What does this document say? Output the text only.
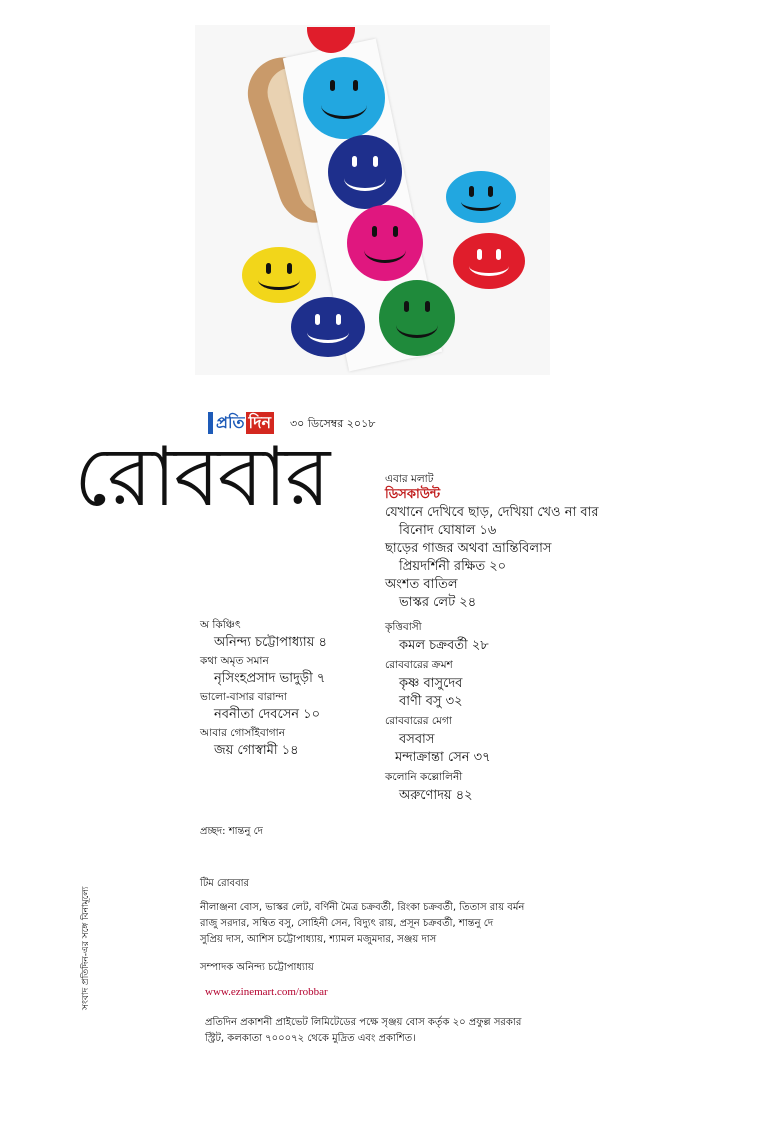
প্রতি দিন ৩০ ডিসেম্বর ২০১৮
রোববার	এবার মলাট
ডিসকাউন্ট
যেখানে দেখিবে ছাড়, দেখিয়া খেও না বার
বিনোদ ঘোষাল ১৬
ছাড়ের গাজর অথবা ভ্রান্তিবিলাস
প্রিয়দর্শিনী রক্ষিত ২০
অংশত বাতিল
ভাস্কর লেট ২৪
কৃত্তিবাসী
কমল চক্রবর্তী ২৮
রোববারের ক্রমশ
কৃষ্ণ বাসুদেব
বাণী বসু ৩২
রোববারের মেগা
বসবাস
মন্দাক্রান্তা সেন ৩৭
কলোনি কল্লোলিনী
অরুণোদয় ৪২
অ কিঞ্চিৎ
অনিন্দ্য চট্টোপাধ্যায় ৪
কথা অমৃত সমান
নৃসিংহপ্রসাদ ভাদুড়ী ৭
ভালো-বাসার বারান্দা
নবনীতা দেবসেন ১০
আবার গোসাঁইবাগান
জয় গোস্বামী ১৪
প্রচ্ছদ: শান্তনু দে
টিম রোববার
নীলাঞ্জনা বোস, ভাস্কর লেট, বর্ণিনী মৈত্র চক্রবর্তী, রিংকা চক্রবর্তী, তিতাস রায় বর্মন
রাজু সরদার, সম্বিত বসু, সোহিনী সেন, বিদ্যুৎ রায়, প্রসূন চক্রবর্তী, শান্তনু দে
সুপ্রিয় দাস, আশিস চট্টোপাধ্যায়, শ্যামল মজুমদার, সঞ্জয় দাস
সম্পাদক অনিন্দ্য চট্টোপাধ্যায়
www.ezinemart.com/robbar
প্রতিদিন প্রকাশনী প্রাইভেট লিমিটেডের পক্ষে সৃঞ্জয় বোস কর্তৃক ২০ প্রফুল্ল সরকার
স্ট্রিট, কলকাতা ৭০০০৭২ থেকে মুদ্রিত এবং প্রকাশিত।
সংবাদ প্রতিদিন-এর সঙ্গে বিনামূল্যে
